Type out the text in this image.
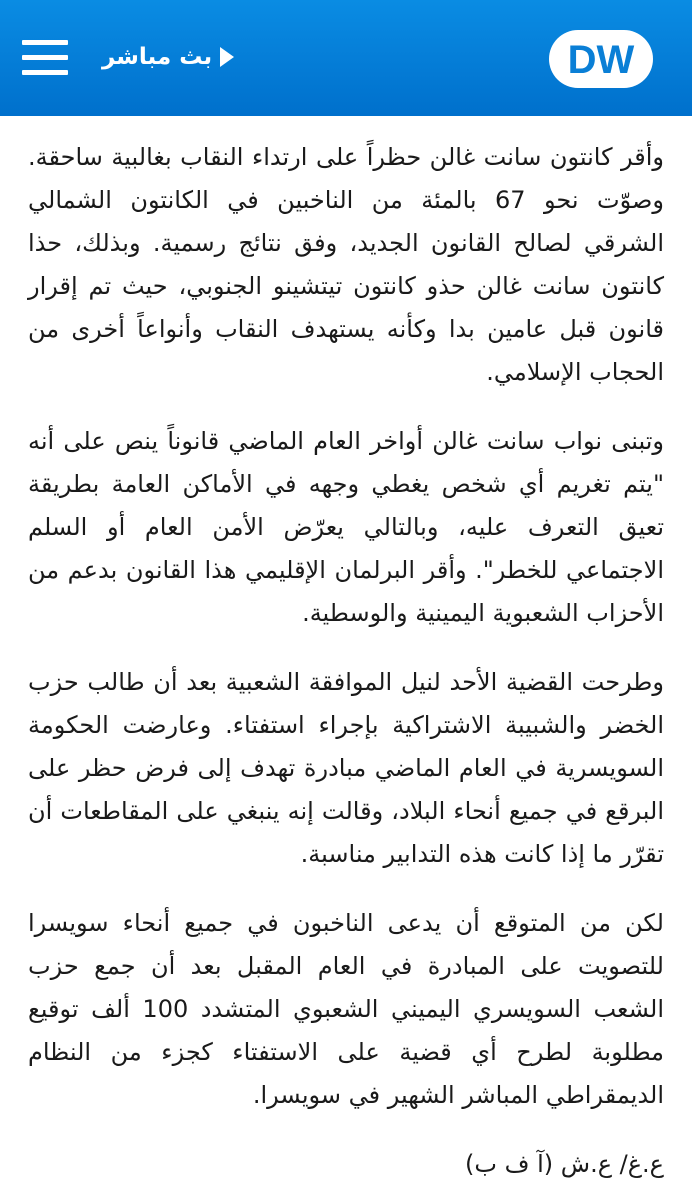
بث مباشر	DW

وأقر كانتون سانت غالن حظراً على ارتداء النقاب بغالبية ساحقة. وصوّت نحو 67 بالمئة من الناخبين في الكانتون الشمالي الشرقي لصالح القانون الجديد، وفق نتائج رسمية. وبذلك، حذا كانتون سانت غالن حذو كانتون تيتشينو الجنوبي، حيث تم إقرار قانون قبل عامين بدا وكأنه يستهدف النقاب وأنواعاً أخرى من الحجاب الإسلامي.

وتبنى نواب سانت غالن أواخر العام الماضي قانوناً ينص على أنه "يتم تغريم أي شخص يغطي وجهه في الأماكن العامة بطريقة تعيق التعرف عليه، وبالتالي يعرّض الأمن العام أو السلم الاجتماعي للخطر". وأقر البرلمان الإقليمي هذا القانون بدعم من الأحزاب الشعبوية اليمينية والوسطية.

وطرحت القضية الأحد لنيل الموافقة الشعبية بعد أن طالب حزب الخضر والشبيبة الاشتراكية بإجراء استفتاء. وعارضت الحكومة السويسرية في العام الماضي مبادرة تهدف إلى فرض حظر على البرقع في جميع أنحاء البلاد، وقالت إنه ينبغي على المقاطعات أن تقرّر ما إذا كانت هذه التدابير مناسبة.

لكن من المتوقع أن يدعى الناخبون في جميع أنحاء سويسرا للتصويت على المبادرة في العام المقبل بعد أن جمع حزب الشعب السويسري اليميني الشعبوي المتشدد 100 ألف توقيع مطلوبة لطرح أي قضية على الاستفتاء كجزء من النظام الديمقراطي المباشر الشهير في سويسرا.

ع.غ/ ع.ش (آ ف ب)
